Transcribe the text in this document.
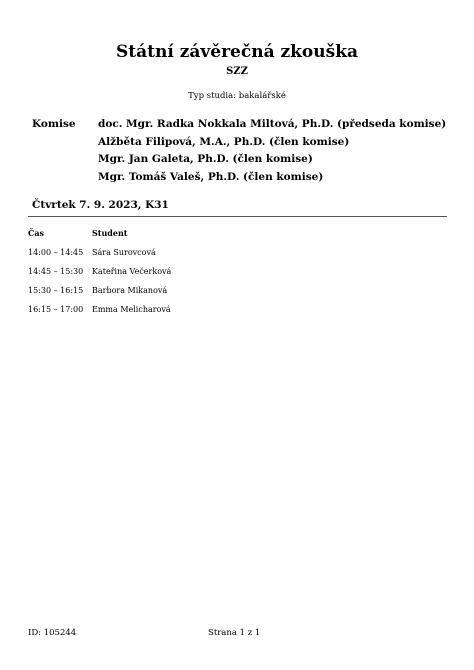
Státní závěrečná zkouška
SZZ
Typ studia: bakalářské
Komise doc. Mgr. Radka Nokkala Miltová, Ph.D. (předseda komise)
Alžběta Filipová, M.A., Ph.D. (člen komise)
Mgr. Jan Galeta, Ph.D. (člen komise)
Mgr. Tomáš Valeš, Ph.D. (člen komise)
Čtvrtek 7. 9. 2023, K31
Čas	Student
14:00 – 14:45	Sára Surovcová
14:45 – 15:30	Kateřina Večerková
15:30 – 16:15	Barbora Mikanová
16:15 – 17:00	Emma Melicharová
ID: 105244	Strana 1 z 1
